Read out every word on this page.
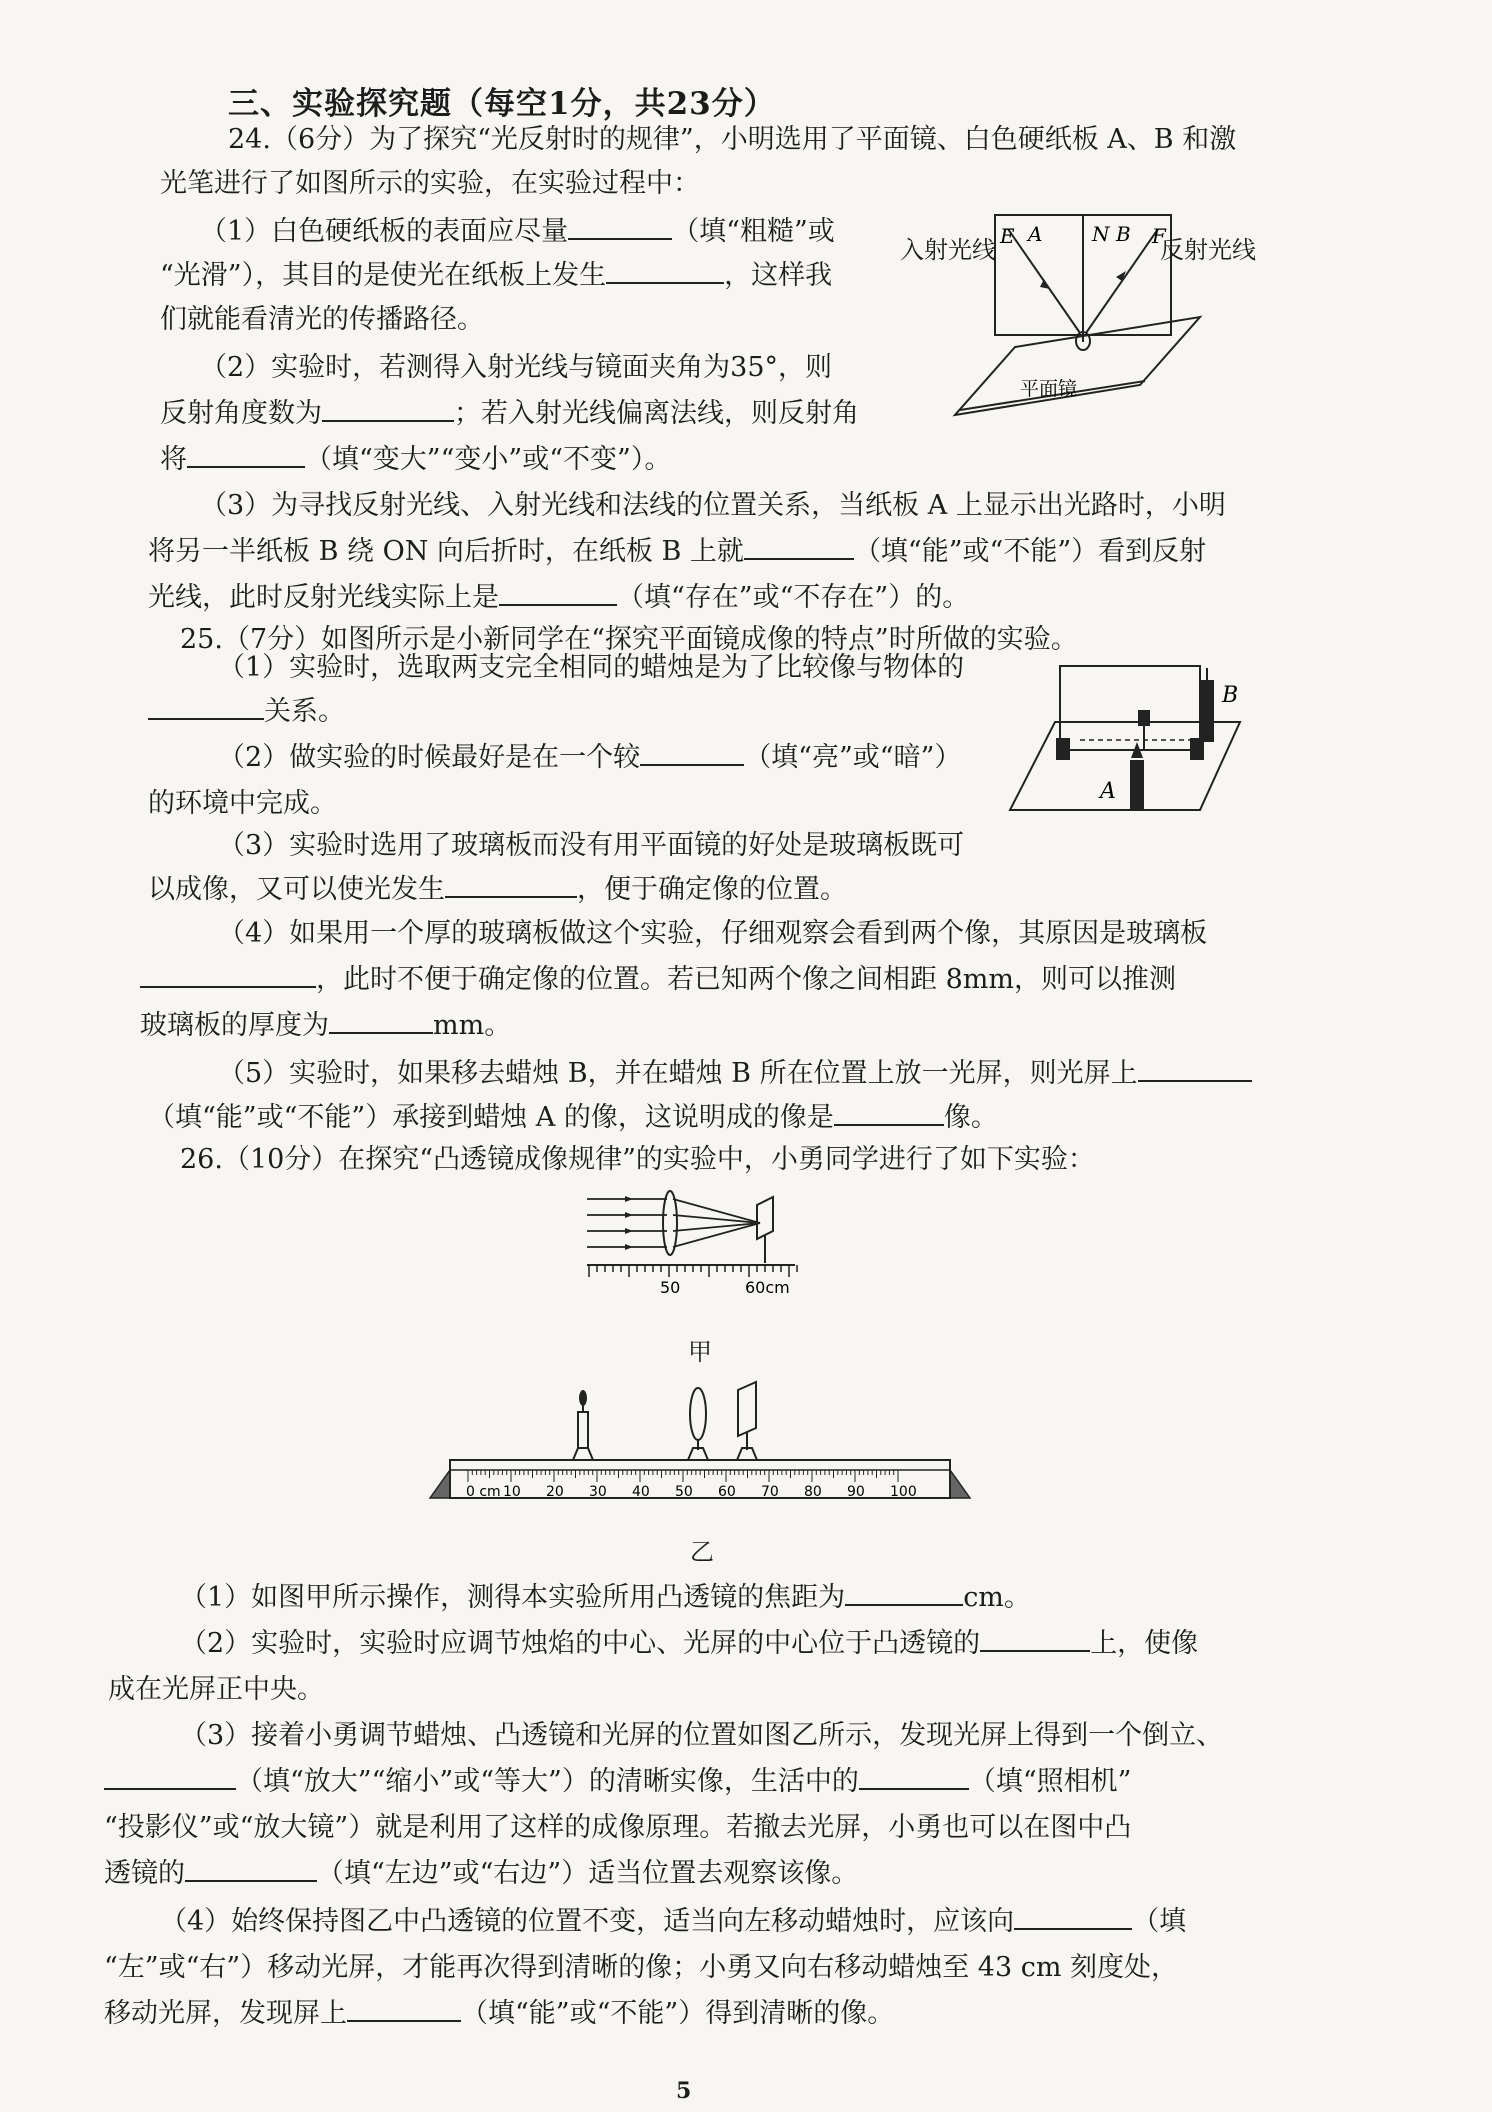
三、实验探究题（每空1分，共23分）
24.（6分）为了探究“光反射时的规律”，小明选用了平面镜、白色硬纸板 A、B 和激
光笔进行了如图所示的实验，在实验过程中：
（1）白色硬纸板的表面应尽量	（填“粗糙”或
“光滑”），其目的是使光在纸板上发生	，这样我
们就能看清光的传播路径。
（2）实验时，若测得入射光线与镜面夹角为35°，则
反射角度数为	；若入射光线偏离法线，则反射角
将	（填“变大”“变小”或“不变”）。
（3）为寻找反射光线、入射光线和法线的位置关系，当纸板 A 上显示出光路时，小明
将另一半纸板 B 绕 ON 向后折时，在纸板 B 上就	（填“能”或“不能”）看到反射
光线，此时反射光线实际上是	（填“存在”或“不存在”）的。
平面镜
E A N B F
入射光线	反射光线
25.（7分）如图所示是小新同学在“探究平面镜成像的特点”时所做的实验。
（1）实验时，选取两支完全相同的蜡烛是为了比较像与物体的
关系。
（2）做实验的时候最好是在一个较	（填“亮”或“暗”）
的环境中完成。
（3）实验时选用了玻璃板而没有用平面镜的好处是玻璃板既可
以成像，又可以使光发生	，便于确定像的位置。
（4）如果用一个厚的玻璃板做这个实验，仔细观察会看到两个像，其原因是玻璃板
，此时不便于确定像的位置。若已知两个像之间相距 8mm，则可以推测
玻璃板的厚度为	mm。
（5）实验时，如果移去蜡烛 B，并在蜡烛 B 所在位置上放一光屏，则光屏上
（填“能”或“不能”）承接到蜡烛 A 的像，这说明成的像是	像。
A
B
26.（10分）在探究“凸透镜成像规律”的实验中，小勇同学进行了如下实验：
50	60cm
甲
0 cm 10 20 30 40 50 60 70 80 90 100
乙
（1）如图甲所示操作，测得本实验所用凸透镜的焦距为	cm。
（2）实验时，实验时应调节烛焰的中心、光屏的中心位于凸透镜的	上，使像
成在光屏正中央。
（3）接着小勇调节蜡烛、凸透镜和光屏的位置如图乙所示，发现光屏上得到一个倒立、
（填“放大”“缩小”或“等大”）的清晰实像，生活中的	（填“照相机”
“投影仪”或“放大镜”）就是利用了这样的成像原理。若撤去光屏，小勇也可以在图中凸
透镜的	（填“左边”或“右边”）适当位置去观察该像。
（4）始终保持图乙中凸透镜的位置不变，适当向左移动蜡烛时，应该向	（填
“左”或“右”）移动光屏，才能再次得到清晰的像；小勇又向右移动蜡烛至 43 cm 刻度处，
移动光屏，发现屏上	（填“能”或“不能”）得到清晰的像。
5
